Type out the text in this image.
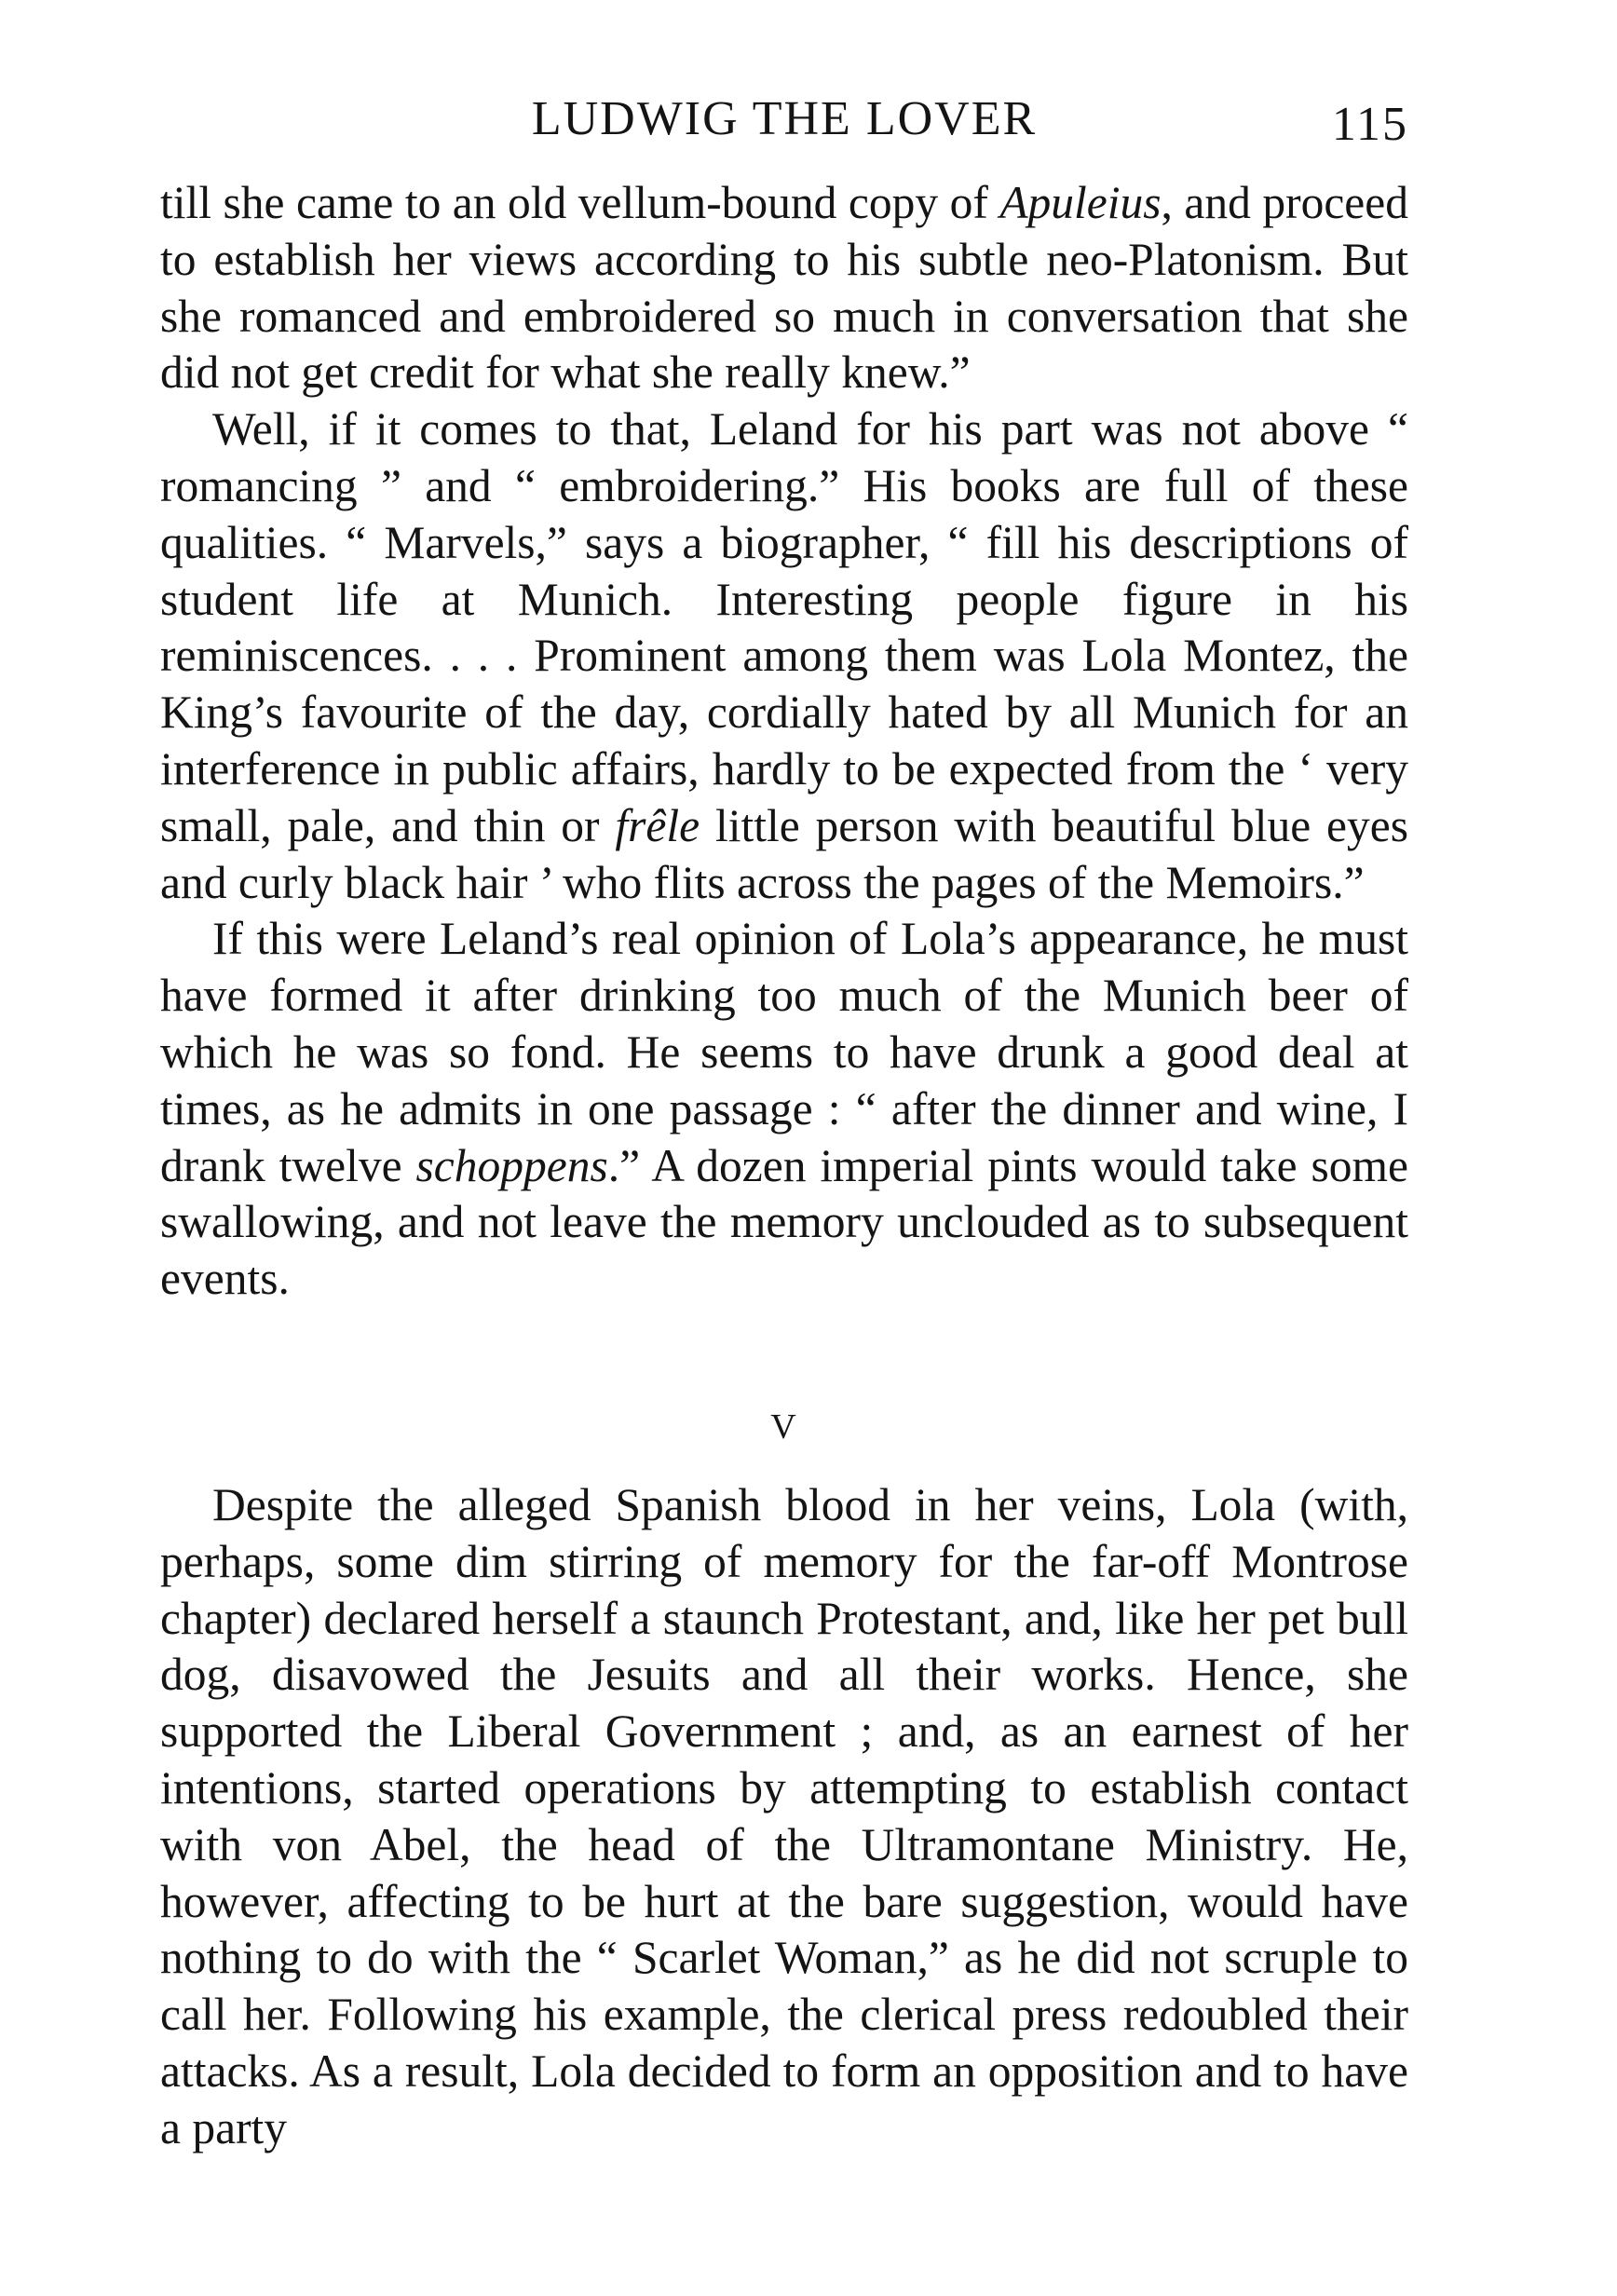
LUDWIG THE LOVER	115

till she came to an old vellum-bound copy of Apuleius, and proceed to establish her views according to his subtle neo-Platonism. But she romanced and embroidered so much in conversation that she did not get credit for what she really knew.”

Well, if it comes to that, Leland for his part was not above “ romancing ” and “ embroidering.” His books are full of these qualities. “ Marvels,” says a biographer, “ fill his descriptions of student life at Munich. Interesting people figure in his reminiscences. . . . Prominent among them was Lola Montez, the King’s favourite of the day, cordially hated by all Munich for an interference in public affairs, hardly to be expected from the ‘ very small, pale, and thin or frêle little person with beautiful blue eyes and curly black hair ’ who flits across the pages of the Memoirs.”

If this were Leland’s real opinion of Lola’s appearance, he must have formed it after drinking too much of the Munich beer of which he was so fond. He seems to have drunk a good deal at times, as he admits in one passage : “ after the dinner and wine, I drank twelve schoppens.” A dozen imperial pints would take some swallowing, and not leave the memory unclouded as to subsequent events.

V

Despite the alleged Spanish blood in her veins, Lola (with, perhaps, some dim stirring of memory for the far-off Montrose chapter) declared herself a staunch Protestant, and, like her pet bull dog, disavowed the Jesuits and all their works. Hence, she supported the Liberal Government ; and, as an earnest of her intentions, started operations by attempting to establish contact with von Abel, the head of the Ultramontane Ministry. He, however, affecting to be hurt at the bare suggestion, would have nothing to do with the “ Scarlet Woman,” as he did not scruple to call her. Following his example, the clerical press redoubled their attacks. As a result, Lola decided to form an opposition and to have a party
